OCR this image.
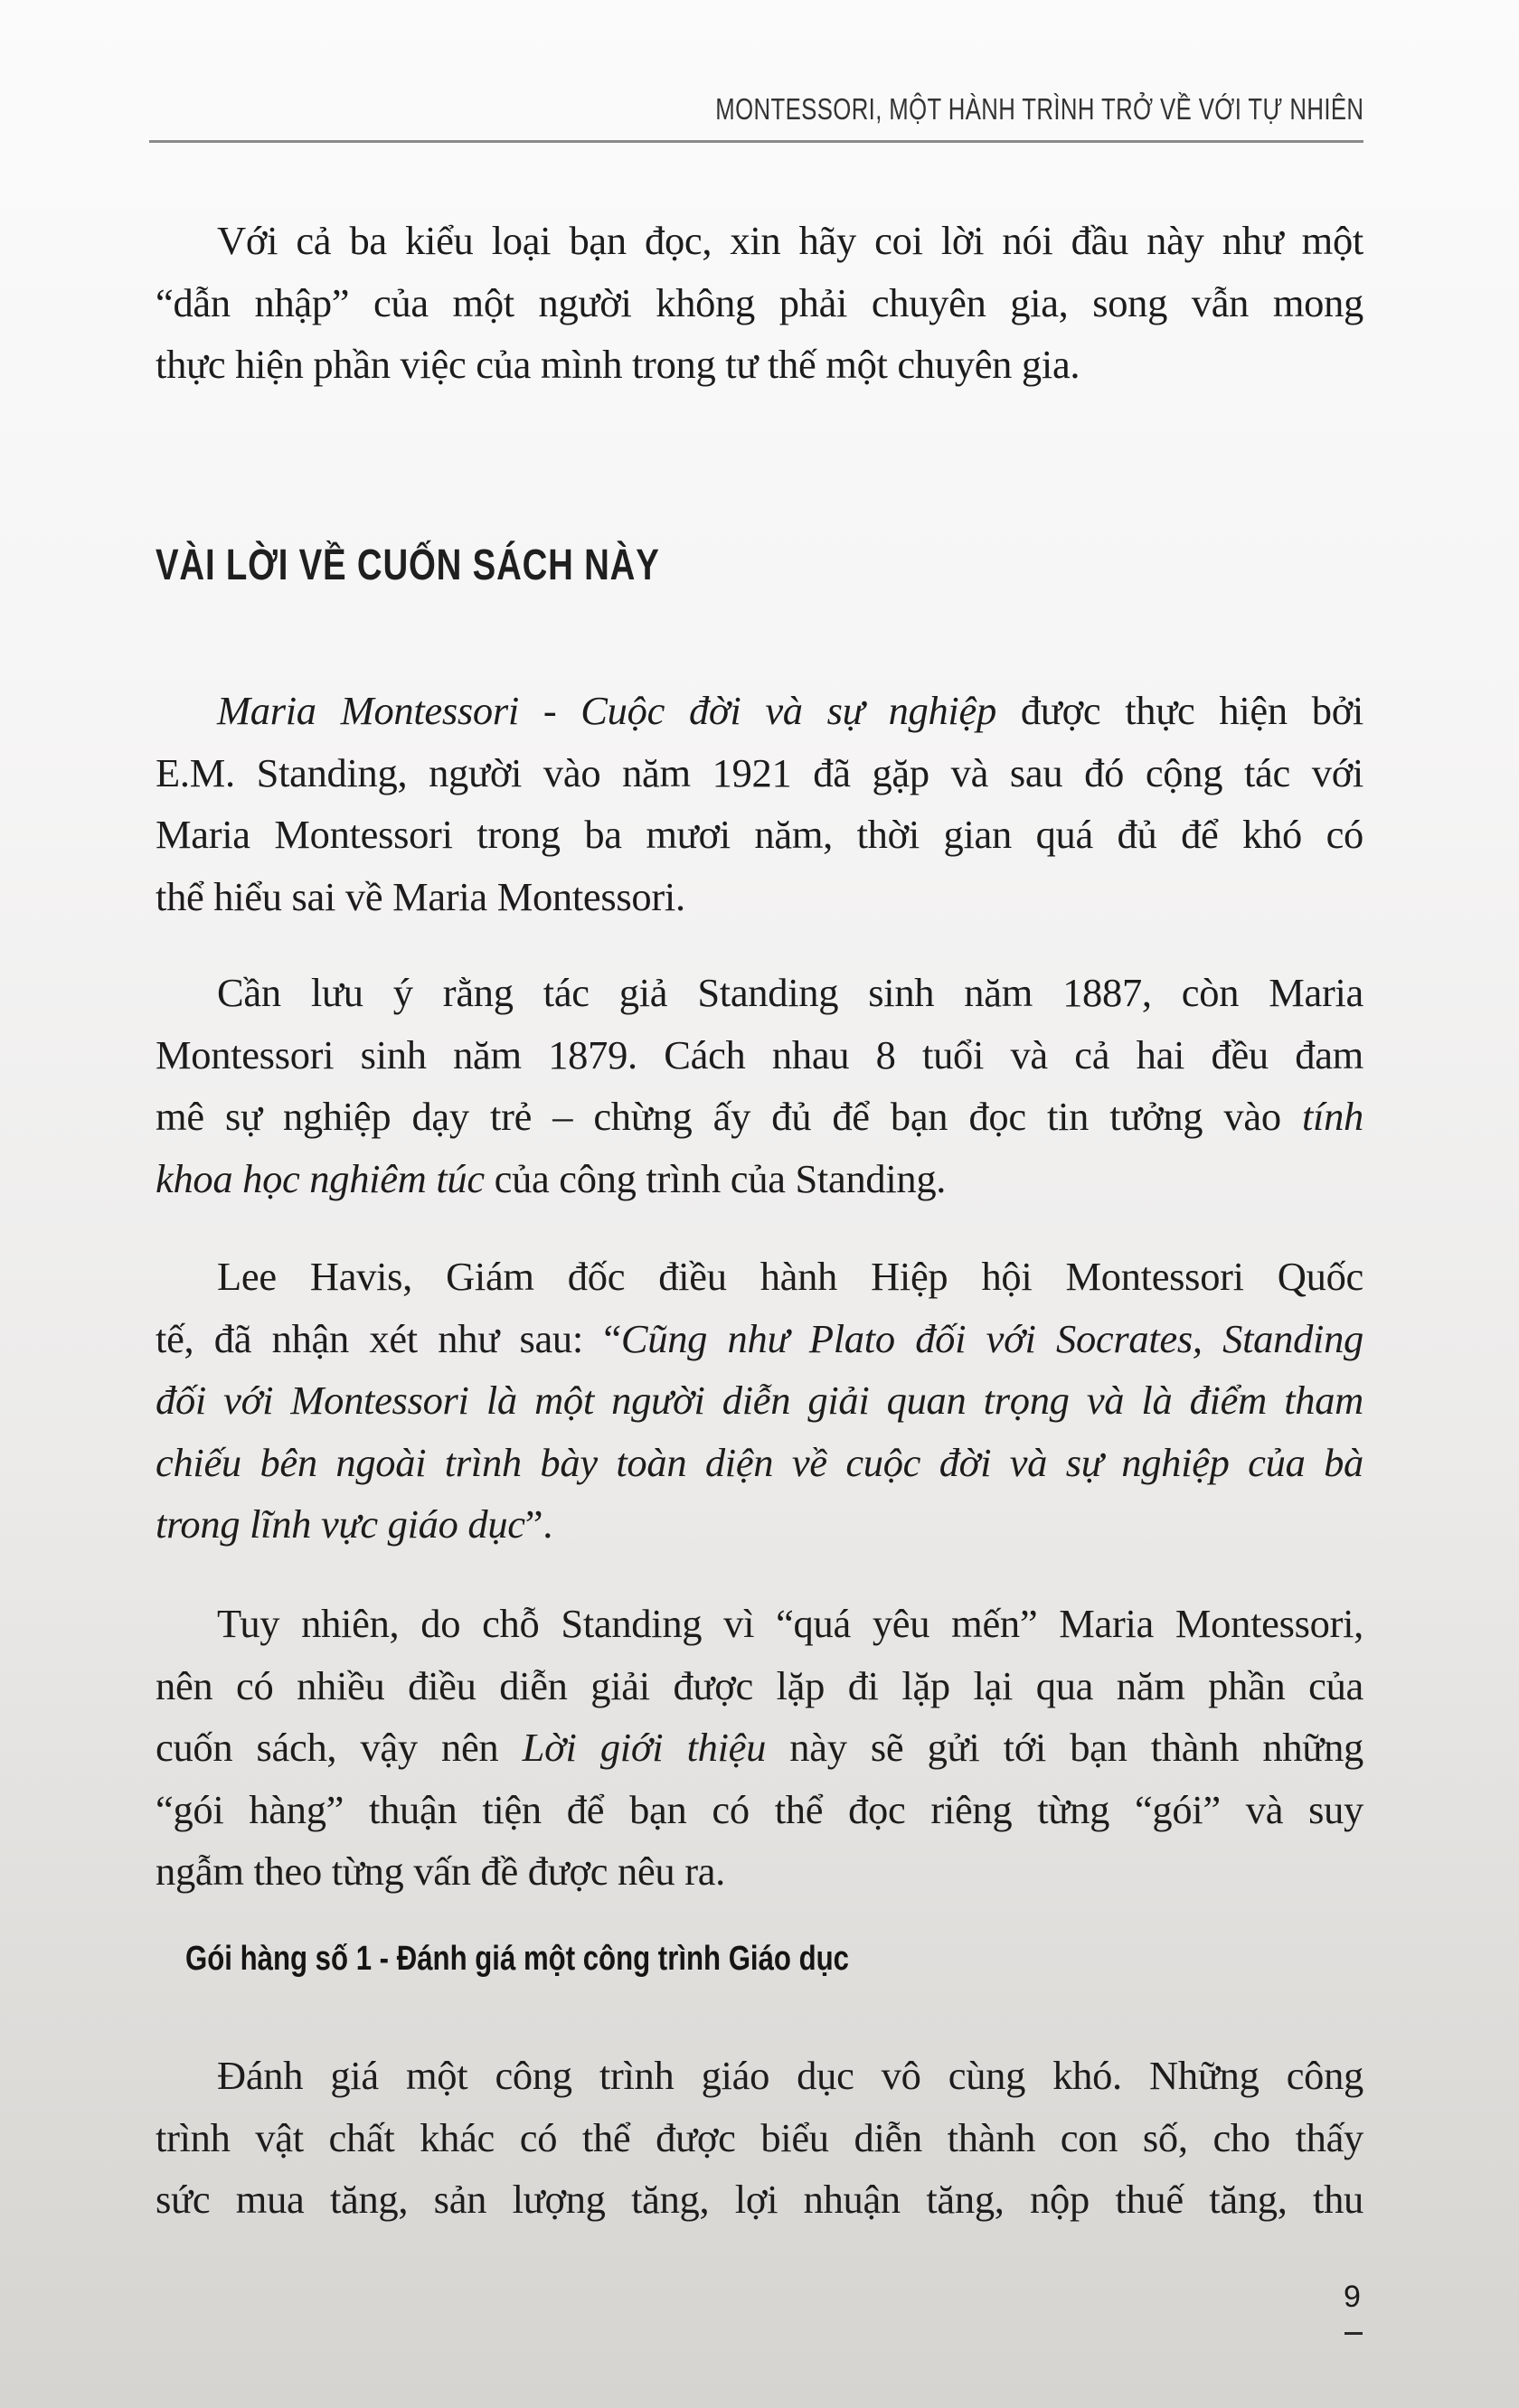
MONTESSORI, MỘT HÀNH TRÌNH TRỞ VỀ VỚI TỰ NHIÊN

Với cả ba kiểu loại bạn đọc, xin hãy coi lời nói đầu này như một
“dẫn nhập” của một người không phải chuyên gia, song vẫn mong
thực hiện phần việc của mình trong tư thế một chuyên gia.

VÀI LỜI VỀ CUỐN SÁCH NÀY

Maria Montessori - Cuộc đời và sự nghiệp được thực hiện bởi
E.M. Standing, người vào năm 1921 đã gặp và sau đó cộng tác với
Maria Montessori trong ba mươi năm, thời gian quá đủ để khó có
thể hiểu sai về Maria Montessori.

Cần lưu ý rằng tác giả Standing sinh năm 1887, còn Maria
Montessori sinh năm 1879. Cách nhau 8 tuổi và cả hai đều đam
mê sự nghiệp dạy trẻ – chừng ấy đủ để bạn đọc tin tưởng vào tính
khoa học nghiêm túc của công trình của Standing.

Lee Havis, Giám đốc điều hành Hiệp hội Montessori Quốc
tế, đã nhận xét như sau: “Cũng như Plato đối với Socrates, Standing
đối với Montessori là một người diễn giải quan trọng và là điểm tham
chiếu bên ngoài trình bày toàn diện về cuộc đời và sự nghiệp của bà
trong lĩnh vực giáo dục”.

Tuy nhiên, do chỗ Standing vì “quá yêu mến” Maria Montessori,
nên có nhiều điều diễn giải được lặp đi lặp lại qua năm phần của
cuốn sách, vậy nên Lời giới thiệu này sẽ gửi tới bạn thành những
“gói hàng” thuận tiện để bạn có thể đọc riêng từng “gói” và suy
ngẫm theo từng vấn đề được nêu ra.

Gói hàng số 1 - Đánh giá một công trình Giáo dục

Đánh giá một công trình giáo dục vô cùng khó. Những công
trình vật chất khác có thể được biểu diễn thành con số, cho thấy
sức mua tăng, sản lượng tăng, lợi nhuận tăng, nộp thuế tăng, thu

9
